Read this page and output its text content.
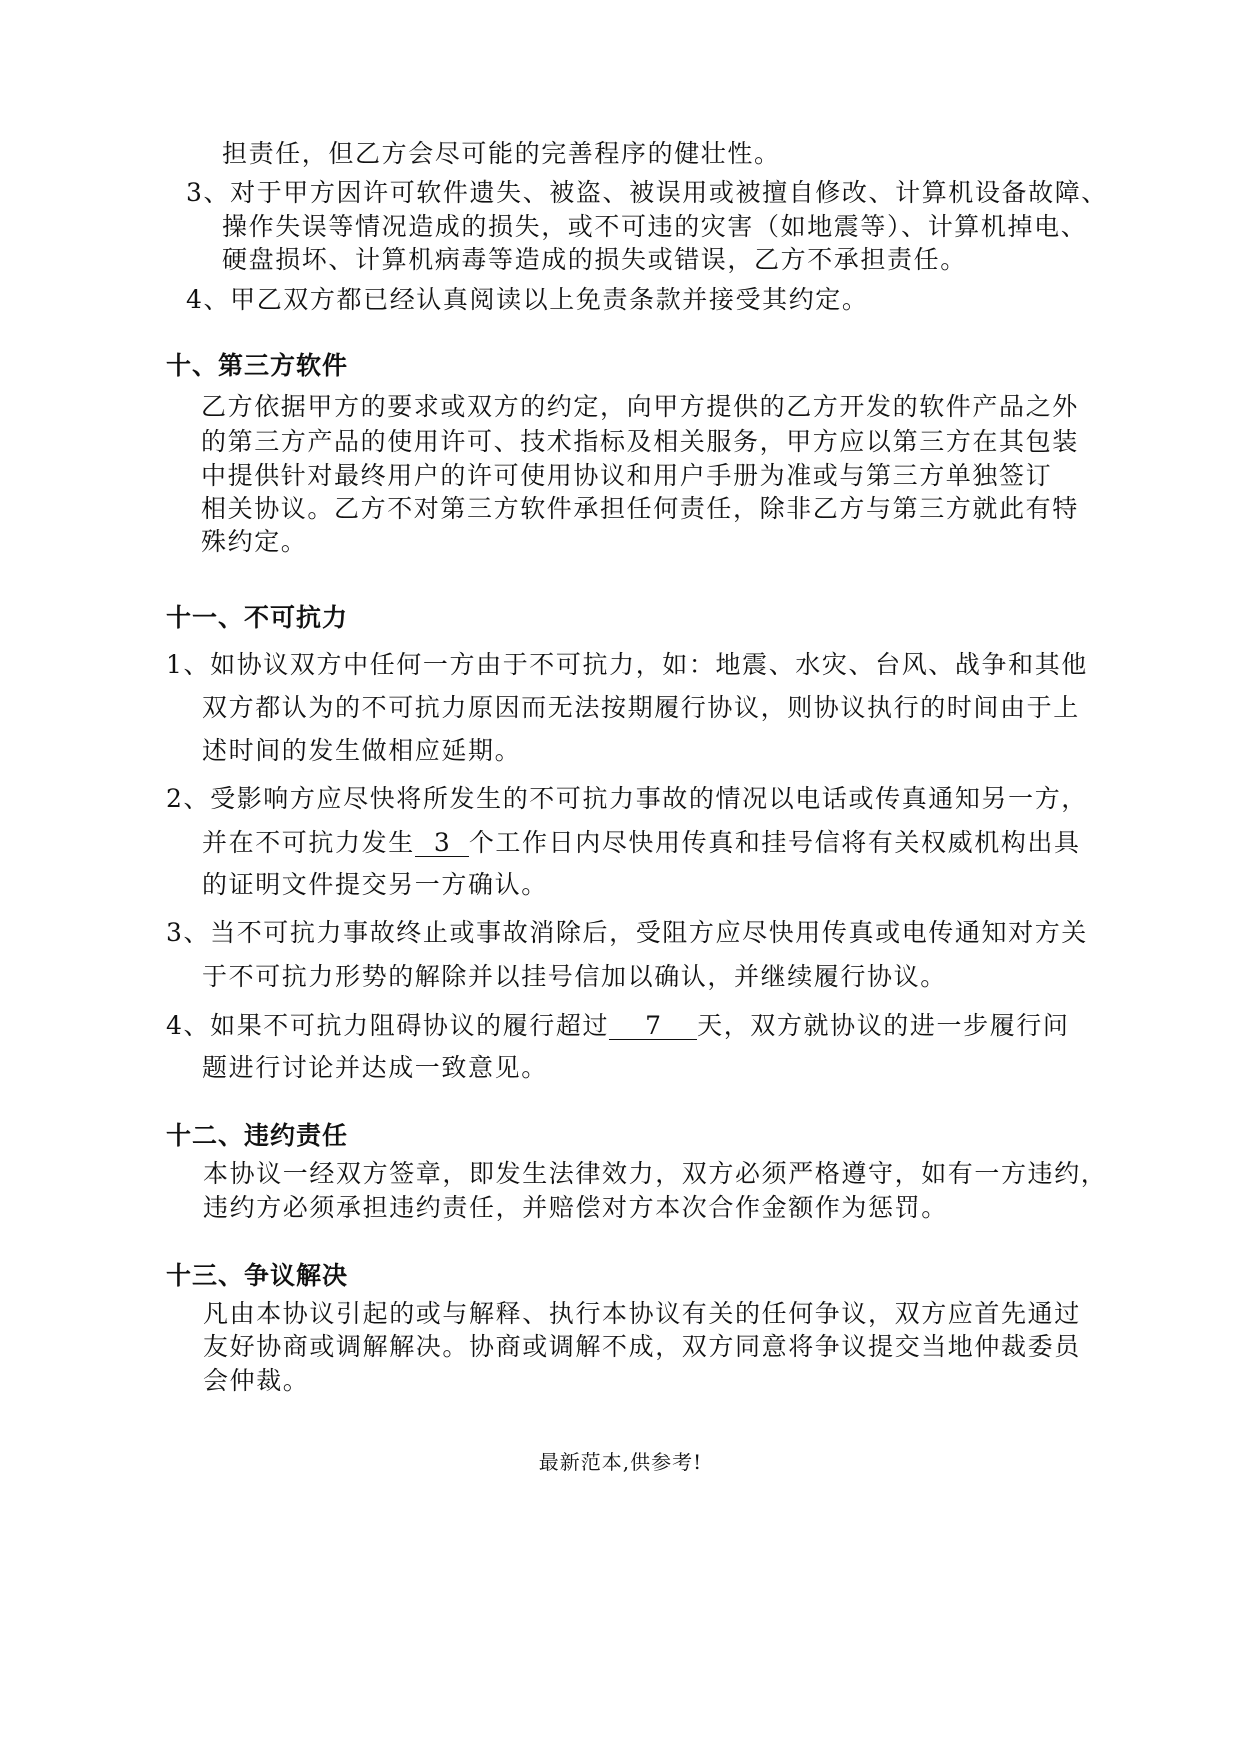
担责任，但乙方会尽可能的完善程序的健壮性。
3、对于甲方因许可软件遗失、被盗、被误用或被擅自修改、计算机设备故障、
操作失误等情况造成的损失，或不可违的灾害（如地震等）、计算机掉电、
硬盘损坏、计算机病毒等造成的损失或错误，乙方不承担责任。
4、甲乙双方都已经认真阅读以上免责条款并接受其约定。
十、第三方软件
乙方依据甲方的要求或双方的约定，向甲方提供的乙方开发的软件产品之外
的第三方产品的使用许可、技术指标及相关服务，甲方应以第三方在其包装
中提供针对最终用户的许可使用协议和用户手册为准或与第三方单独签订
相关协议。乙方不对第三方软件承担任何责任，除非乙方与第三方就此有特
殊约定。
十一、不可抗力
1、如协议双方中任何一方由于不可抗力，如：地震、水灾、台风、战争和其他
双方都认为的不可抗力原因而无法按期履行协议，则协议执行的时间由于上
述时间的发生做相应延期。
2、受影响方应尽快将所发生的不可抗力事故的情况以电话或传真通知另一方，
并在不可抗力发生 3 个工作日内尽快用传真和挂号信将有关权威机构出具
的证明文件提交另一方确认。
3、当不可抗力事故终止或事故消除后，受阻方应尽快用传真或电传通知对方关
于不可抗力形势的解除并以挂号信加以确认，并继续履行协议。
4、如果不可抗力阻碍协议的履行超过 7 天，双方就协议的进一步履行问
题进行讨论并达成一致意见。
十二、违约责任
本协议一经双方签章，即发生法律效力，双方必须严格遵守，如有一方违约，
违约方必须承担违约责任，并赔偿对方本次合作金额作为惩罚。
十三、争议解决
凡由本协议引起的或与解释、执行本协议有关的任何争议，双方应首先通过
友好协商或调解解决。协商或调解不成，双方同意将争议提交当地仲裁委员
会仲裁。
最新范本,供参考!
